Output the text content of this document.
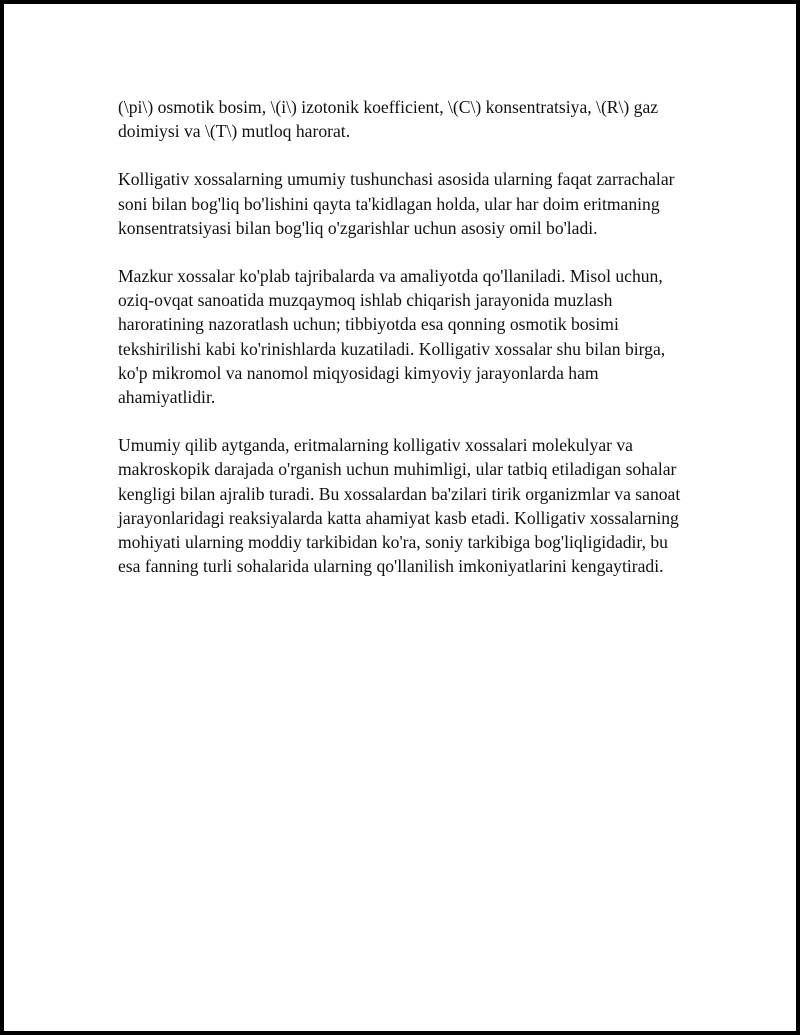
(\pi\) osmotik bosim, \(i\) izotonik koefficient, \(C\) konsentratsiya, \(R\) gaz doimiysi va \(T\) mutloq harorat.

Kolligativ xossalarning umumiy tushunchasi asosida ularning faqat zarrachalar soni bilan bog'liq bo'lishini qayta ta'kidlagan holda, ular har doim eritmaning konsentratsiyasi bilan bog'liq o'zgarishlar uchun asosiy omil bo'ladi.

Mazkur xossalar ko'plab tajribalarda va amaliyotda qo'llaniladi. Misol uchun, oziq-ovqat sanoatida muzqaymoq ishlab chiqarish jarayonida muzlash haroratining nazoratlash uchun; tibbiyotda esa qonning osmotik bosimi tekshirilishi kabi ko'rinishlarda kuzatiladi. Kolligativ xossalar shu bilan birga, ko'p mikromol va nanomol miqyosidagi kimyoviy jarayonlarda ham ahamiyatlidir.

Umumiy qilib aytganda, eritmalarning kolligativ xossalari molekulyar va makroskopik darajada o'rganish uchun muhimligi, ular tatbiq etiladigan sohalar kengligi bilan ajralib turadi. Bu xossalardan ba'zilari tirik organizmlar va sanoat jarayonlaridagi reaksiyalarda katta ahamiyat kasb etadi. Kolligativ xossalarning mohiyati ularning moddiy tarkibidan ko'ra, soniy tarkibiga bog'liqligidadir, bu esa fanning turli sohalarida ularning qo'llanilish imkoniyatlarini kengaytiradi.
